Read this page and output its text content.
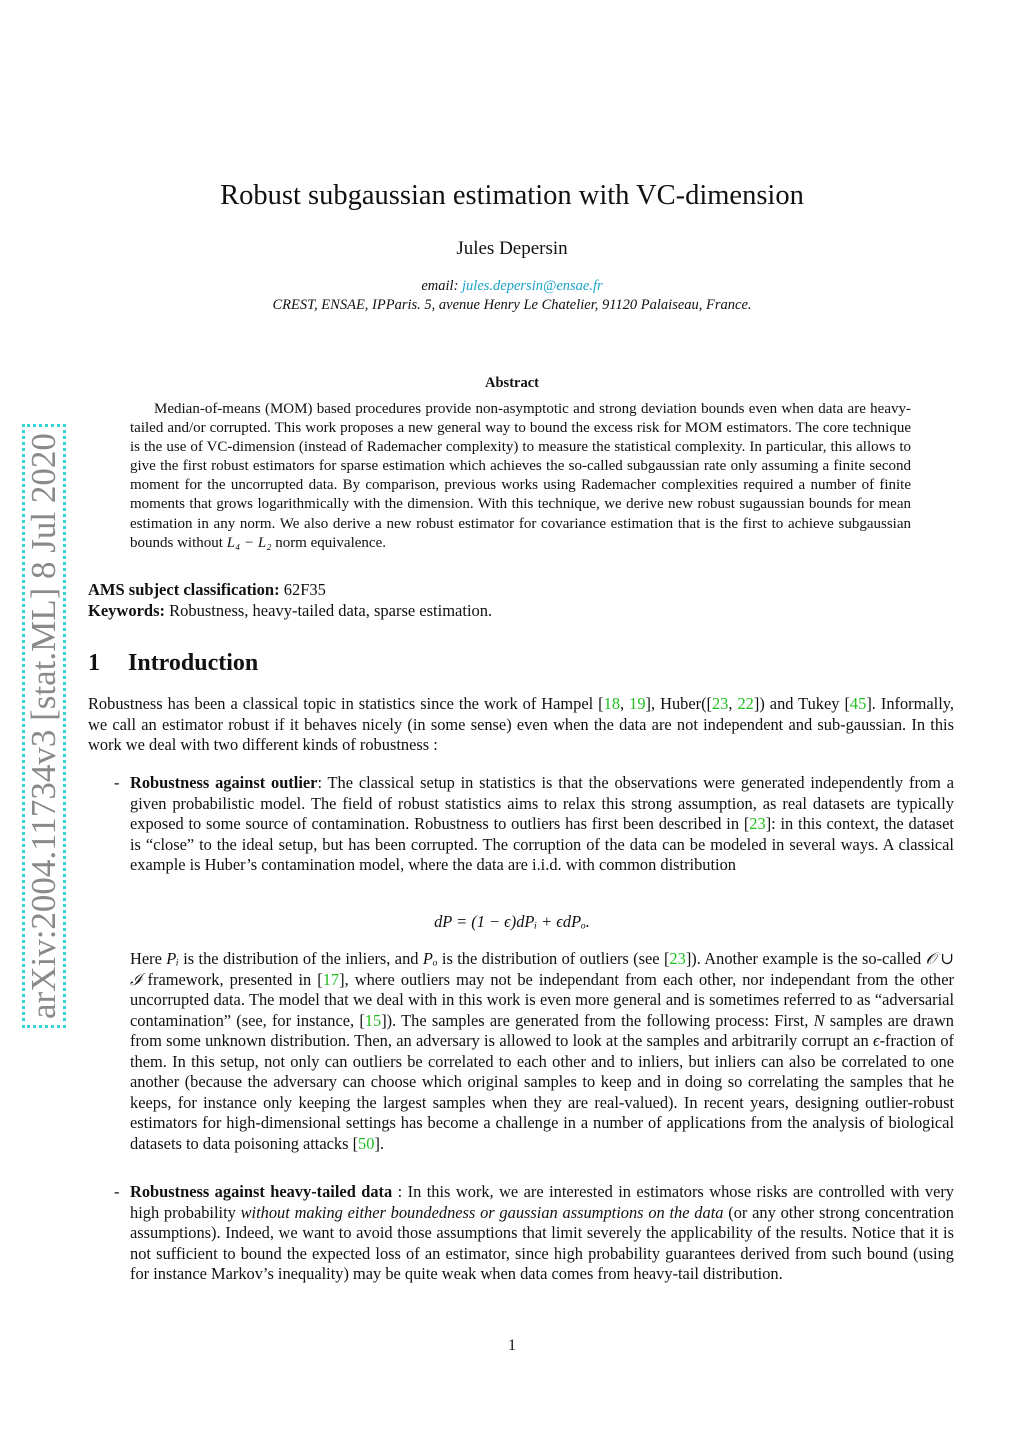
arXiv:2004.11734v3 [stat.ML] 8 Jul 2020
Robust subgaussian estimation with VC-dimension
Jules Depersin
email: jules.depersin@ensae.fr
CREST, ENSAE, IPParis. 5, avenue Henry Le Chatelier, 91120 Palaiseau, France.
Abstract
Median-of-means (MOM) based procedures provide non-asymptotic and strong deviation bounds even when data are heavy-tailed and/or corrupted. This work proposes a new general way to bound the excess risk for MOM estimators. The core technique is the use of VC-dimension (instead of Rademacher complexity) to measure the statistical complexity. In particular, this allows to give the first robust estimators for sparse estimation which achieves the so-called subgaussian rate only assuming a finite second moment for the uncorrupted data. By comparison, previous works using Rademacher complexities required a number of finite moments that grows logarithmically with the dimension. With this technique, we derive new robust sugaussian bounds for mean estimation in any norm. We also derive a new robust estimator for covariance estimation that is the first to achieve subgaussian bounds without L₄ − L₂ norm equivalence.
AMS subject classification: 62F35
Keywords: Robustness, heavy-tailed data, sparse estimation.
1 Introduction
Robustness has been a classical topic in statistics since the work of Hampel [18, 19], Huber([23, 22]) and Tukey [45]. Informally, we call an estimator robust if it behaves nicely (in some sense) even when the data are not independent and sub-gaussian. In this work we deal with two different kinds of robustness :
- Robustness against outlier: The classical setup in statistics is that the observations were generated independently from a given probabilistic model. The field of robust statistics aims to relax this strong assumption, as real datasets are typically exposed to some source of contamination. Robustness to outliers has first been described in [23]: in this context, the dataset is “close” to the ideal setup, but has been corrupted. The corruption of the data can be modeled in several ways. A classical example is Huber’s contamination model, where the data are i.i.d. with common distribution
dP = (1 − ϵ)dPᵢ + ϵdPₒ.
Here Pᵢ is the distribution of the inliers, and Pₒ is the distribution of outliers (see [23]). Another example is the so-called 𝒪 ∪ ℐ framework, presented in [17], where outliers may not be independant from each other, nor independant from the other uncorrupted data. The model that we deal with in this work is even more general and is sometimes referred to as “adversarial contamination” (see, for instance, [15]). The samples are generated from the following process: First, N samples are drawn from some unknown distribution. Then, an adversary is allowed to look at the samples and arbitrarily corrupt an ϵ-fraction of them. In this setup, not only can outliers be correlated to each other and to inliers, but inliers can also be correlated to one another (because the adversary can choose which original samples to keep and in doing so correlating the samples that he keeps, for instance only keeping the largest samples when they are real-valued). In recent years, designing outlier-robust estimators for high-dimensional settings has become a challenge in a number of applications from the analysis of biological datasets to data poisoning attacks [50].
- Robustness against heavy-tailed data : In this work, we are interested in estimators whose risks are controlled with very high probability without making either boundedness or gaussian assumptions on the data (or any other strong concentration assumptions). Indeed, we want to avoid those assumptions that limit severely the applicability of the results. Notice that it is not sufficient to bound the expected loss of an estimator, since high probability guarantees derived from such bound (using for instance Markov’s inequality) may be quite weak when data comes from heavy-tail distribution.
1
